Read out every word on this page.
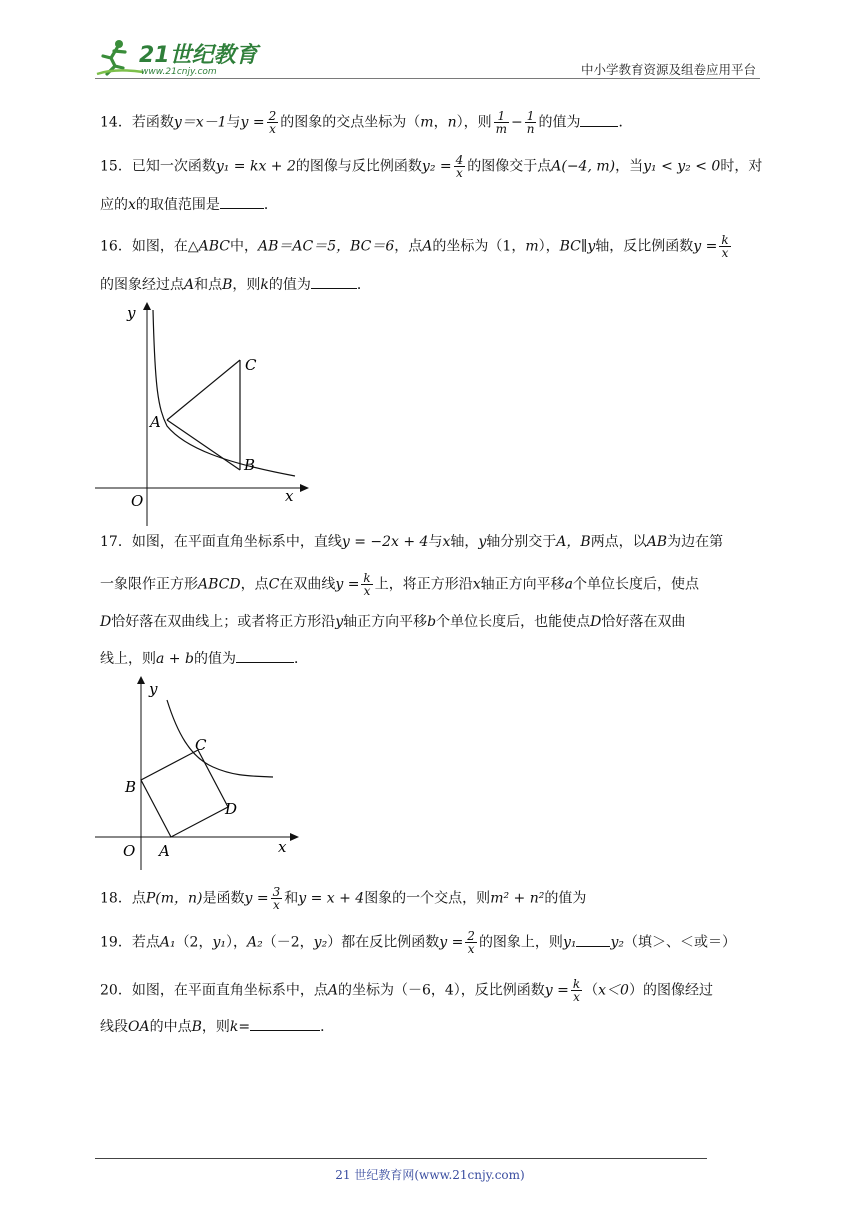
21世纪教育
www.21cnjy.com	中小学教育资源及组卷应用平台
14．若函数y＝x－1与$y = \frac{2}{x}$ 的图象的交点坐标为（m，n），则 $\frac{1}{m} - \frac{1}{n}$ 的值为	．
15．已知一次函数y₁ = kx + 2的图像与反比例函数$y_2 = \frac{4}{x}$ 的图像交于点A(−4, m)，当y₁ < y₂ < 0时，对
应的x的取值范围是	．
16．如图，在△ABC中，AB＝AC＝5，BC＝6，点A的坐标为（1，m），BC∥y轴，反比例函数$y = \frac{k}{x}$
的图象经过点A和点B，则k的值为	．
y
x
O
A
B
C
17．如图，在平面直角坐标系中，直线y = −2x + 4与x轴，y轴分别交于A，B两点，以AB为边在第
一象限作正方形ABCD，点C在双曲线$y = \frac{k}{x}$ 上，将正方形沿x轴正方向平移a个单位长度后，使点
D恰好落在双曲线上；或者将正方形沿y轴正方向平移b个单位长度后，也能使点D恰好落在双曲
线上，则a + b的值为	．
y
x
O A
B
C
D
18．点P(m，n)是函数$y = \frac{3}{x}$ 和y = x + 4图象的一个交点，则m² + n²的值为
19．若点A₁（2，y₁），A₂（－2，y₂）都在反比例函数$y = \frac{2}{x}$ 的图象上，则y₁ y₂（填＞、＜或＝）
20．如图，在平面直角坐标系中，点A的坐标为（－6，4），反比例函数$y = \frac{k}{x} (x<0)$的图像经过
线段OA的中点B，则k=	．
21 世纪教育网(www.21cnjy.com)
